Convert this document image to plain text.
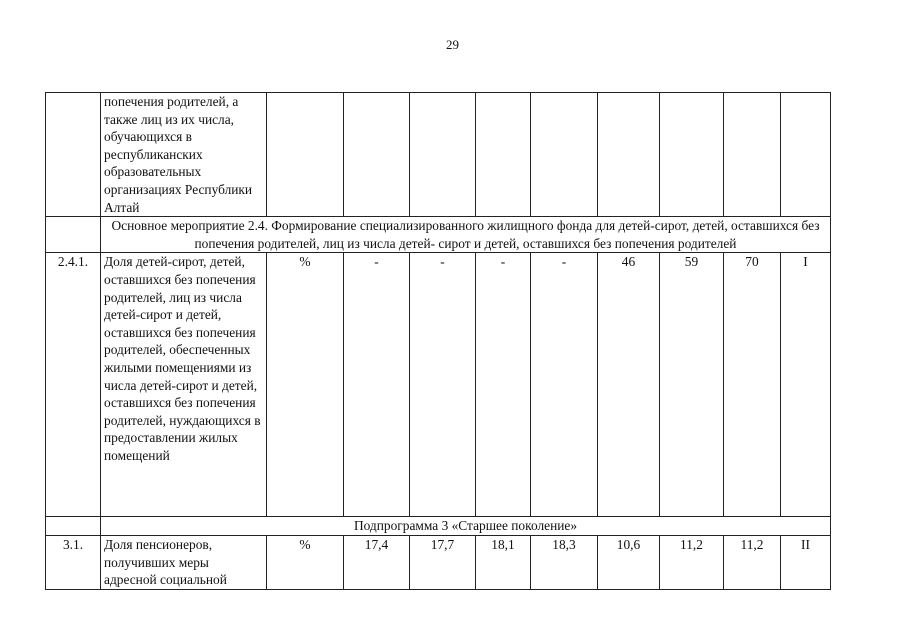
29
	попечения родителей, а также лиц из их числа, обучающихся в республиканских образовательных организациях Республики Алтай									
	Основное мероприятие 2.4. Формирование специализированного жилищного фонда для детей-сирот, детей, оставшихся без попечения родителей, лиц из числа детей- сирот и детей, оставшихся без попечения родителей									
2.4.1.	Доля детей-сирот, детей, оставшихся без попечения родителей, лиц из числа детей-сирот и детей, оставшихся без попечения родителей, обеспеченных жилыми помещениями из числа детей-сирот и детей, оставшихся без попечения родителей, нуждающихся в предоставлении жилых помещений	%	-	-	-	-	46	59	70	I
	Подпрограмма 3 «Старшее поколение»									
3.1.	Доля пенсионеров, получивших меры адресной социальной	%	17,4	17,7	18,1	18,3	10,6	11,2	11,2	II
